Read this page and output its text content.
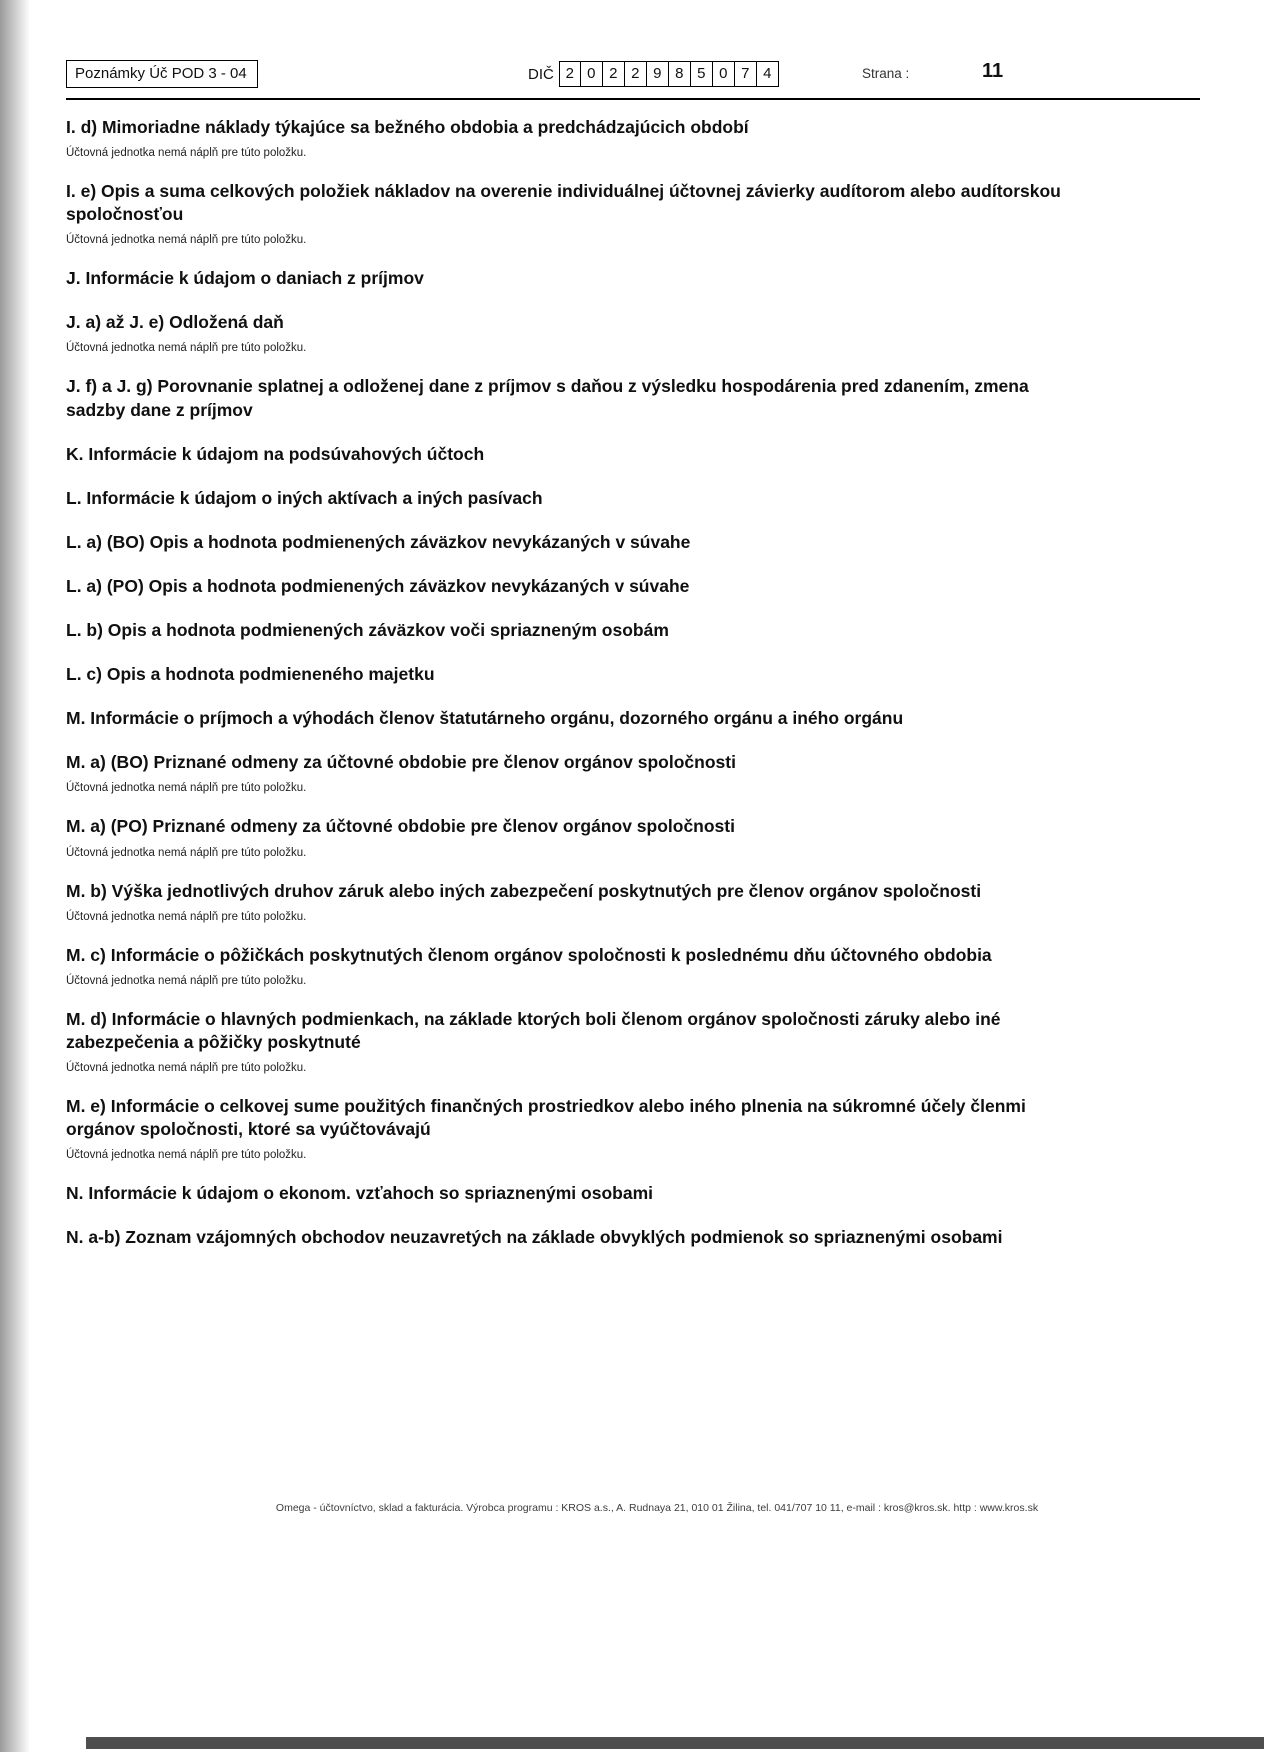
Poznámky Úč POD 3 - 04	DIČ 2 0 2 2 9 8 5 0 7 4	Strana :	11
I. d) Mimoriadne náklady týkajúce sa bežného obdobia a predchádzajúcich období
Účtovná jednotka nemá náplň pre túto položku.
I. e) Opis a suma celkových položiek nákladov na overenie individuálnej účtovnej závierky audítorom alebo audítorskou spoločnosťou
Účtovná jednotka nemá náplň pre túto položku.
J. Informácie k údajom o daniach z príjmov
J. a) až J. e) Odložená daň
Účtovná jednotka nemá náplň pre túto položku.
J. f) a J. g) Porovnanie splatnej a odloženej dane z príjmov s daňou z výsledku hospodárenia pred zdanením, zmena sadzby dane z príjmov
K. Informácie k údajom na podsúvahových účtoch
L. Informácie k údajom o iných aktívach a iných pasívach
L. a) (BO) Opis a hodnota podmienených záväzkov nevykázaných v súvahe
L. a) (PO) Opis a hodnota podmienených záväzkov nevykázaných v súvahe
L. b) Opis a hodnota podmienených záväzkov voči spriazneným osobám
L. c) Opis a hodnota podmieneného majetku
M. Informácie o príjmoch a výhodách členov štatutárneho orgánu, dozorného orgánu a iného orgánu
M. a) (BO) Priznané odmeny za účtovné obdobie pre členov orgánov spoločnosti
Účtovná jednotka nemá náplň pre túto položku.
M. a) (PO) Priznané odmeny za účtovné obdobie pre členov orgánov spoločnosti
Účtovná jednotka nemá náplň pre túto položku.
M. b) Výška jednotlivých druhov záruk alebo iných zabezpečení poskytnutých pre členov orgánov spoločnosti
Účtovná jednotka nemá náplň pre túto položku.
M. c) Informácie o pôžičkách poskytnutých členom orgánov spoločnosti k poslednému dňu účtovného obdobia
Účtovná jednotka nemá náplň pre túto položku.
M. d) Informácie o hlavných podmienkach, na základe ktorých boli členom orgánov spoločnosti záruky alebo iné zabezpečenia a pôžičky poskytnuté
Účtovná jednotka nemá náplň pre túto položku.
M. e) Informácie o celkovej sume použitých finančných prostriedkov alebo iného plnenia na súkromné účely členmi orgánov spoločnosti, ktoré sa vyúčtovávajú
Účtovná jednotka nemá náplň pre túto položku.
N. Informácie k údajom o ekonom. vzťahoch so spriaznenými osobami
N. a-b) Zoznam vzájomných obchodov neuzavretých na základe obvyklých podmienok so spriaznenými osobami
Omega - účtovníctvo, sklad a fakturácia. Výrobca programu : KROS a.s., A. Rudnaya 21, 010 01 Žilina, tel. 041/707 10 11, e-mail : kros@kros.sk. http : www.kros.sk
